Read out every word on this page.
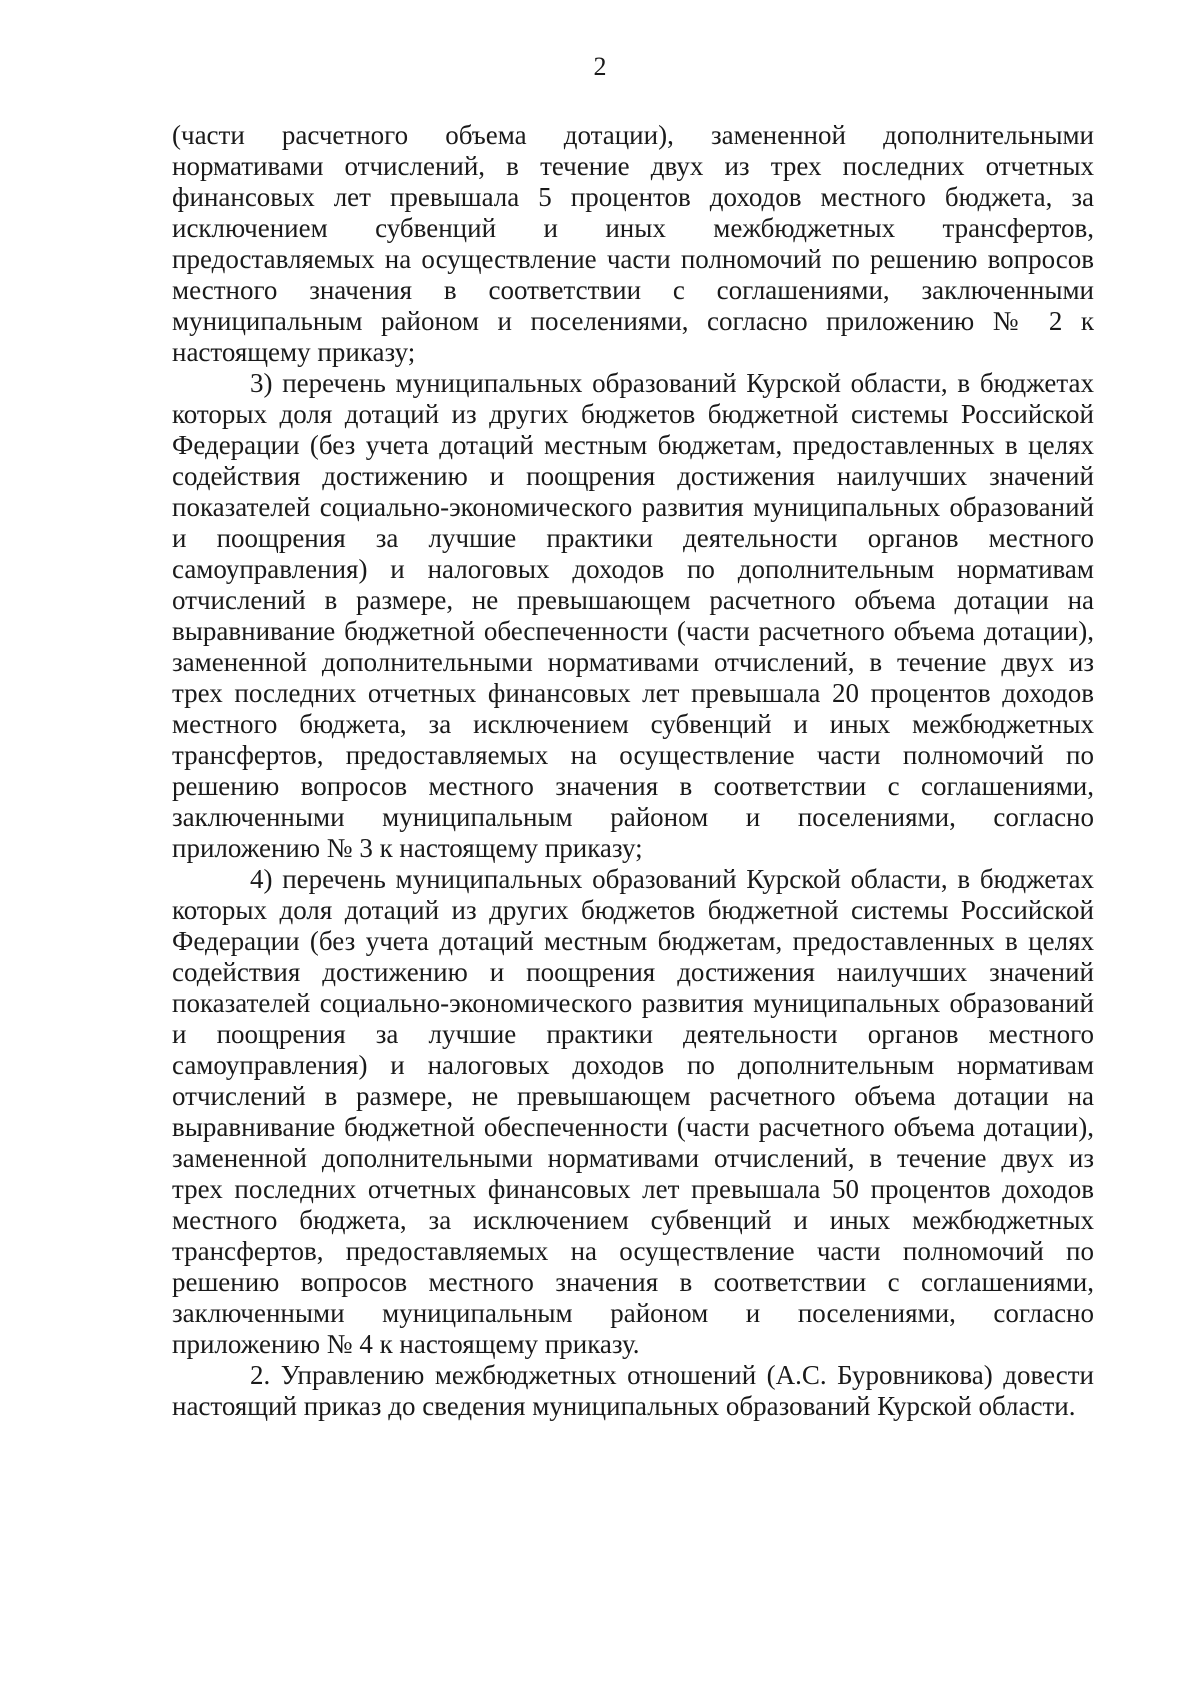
2

(части расчетного объема дотации), замененной дополнительными нормативами отчислений, в течение двух из трех последних отчетных финансовых лет превышала 5 процентов доходов местного бюджета, за исключением субвенций и иных межбюджетных трансфертов, предоставляемых на осуществление части полномочий по решению вопросов местного значения в соответствии с соглашениями, заключенными муниципальным районом и поселениями, согласно приложению № 2 к настоящему приказу;

3) перечень муниципальных образований Курской области, в бюджетах которых доля дотаций из других бюджетов бюджетной системы Российской Федерации (без учета дотаций местным бюджетам, предоставленных в целях содействия достижению и поощрения достижения наилучших значений показателей социально-экономического развития муниципальных образований и поощрения за лучшие практики деятельности органов местного самоуправления) и налоговых доходов по дополнительным нормативам отчислений в размере, не превышающем расчетного объема дотации на выравнивание бюджетной обеспеченности (части расчетного объема дотации), замененной дополнительными нормативами отчислений, в течение двух из трех последних отчетных финансовых лет превышала 20 процентов доходов местного бюджета, за исключением субвенций и иных межбюджетных трансфертов, предоставляемых на осуществление части полномочий по решению вопросов местного значения в соответствии с соглашениями, заключенными муниципальным районом и поселениями, согласно приложению № 3 к настоящему приказу;

4) перечень муниципальных образований Курской области, в бюджетах которых доля дотаций из других бюджетов бюджетной системы Российской Федерации (без учета дотаций местным бюджетам, предоставленных в целях содействия достижению и поощрения достижения наилучших значений показателей социально-экономического развития муниципальных образований и поощрения за лучшие практики деятельности органов местного самоуправления) и налоговых доходов по дополнительным нормативам отчислений в размере, не превышающем расчетного объема дотации на выравнивание бюджетной обеспеченности (части расчетного объема дотации), замененной дополнительными нормативами отчислений, в течение двух из трех последних отчетных финансовых лет превышала 50 процентов доходов местного бюджета, за исключением субвенций и иных межбюджетных трансфертов, предоставляемых на осуществление части полномочий по решению вопросов местного значения в соответствии с соглашениями, заключенными муниципальным районом и поселениями, согласно приложению № 4 к настоящему приказу.

2. Управлению межбюджетных отношений (А.С. Буровникова) довести настоящий приказ до сведения муниципальных образований Курской области.
